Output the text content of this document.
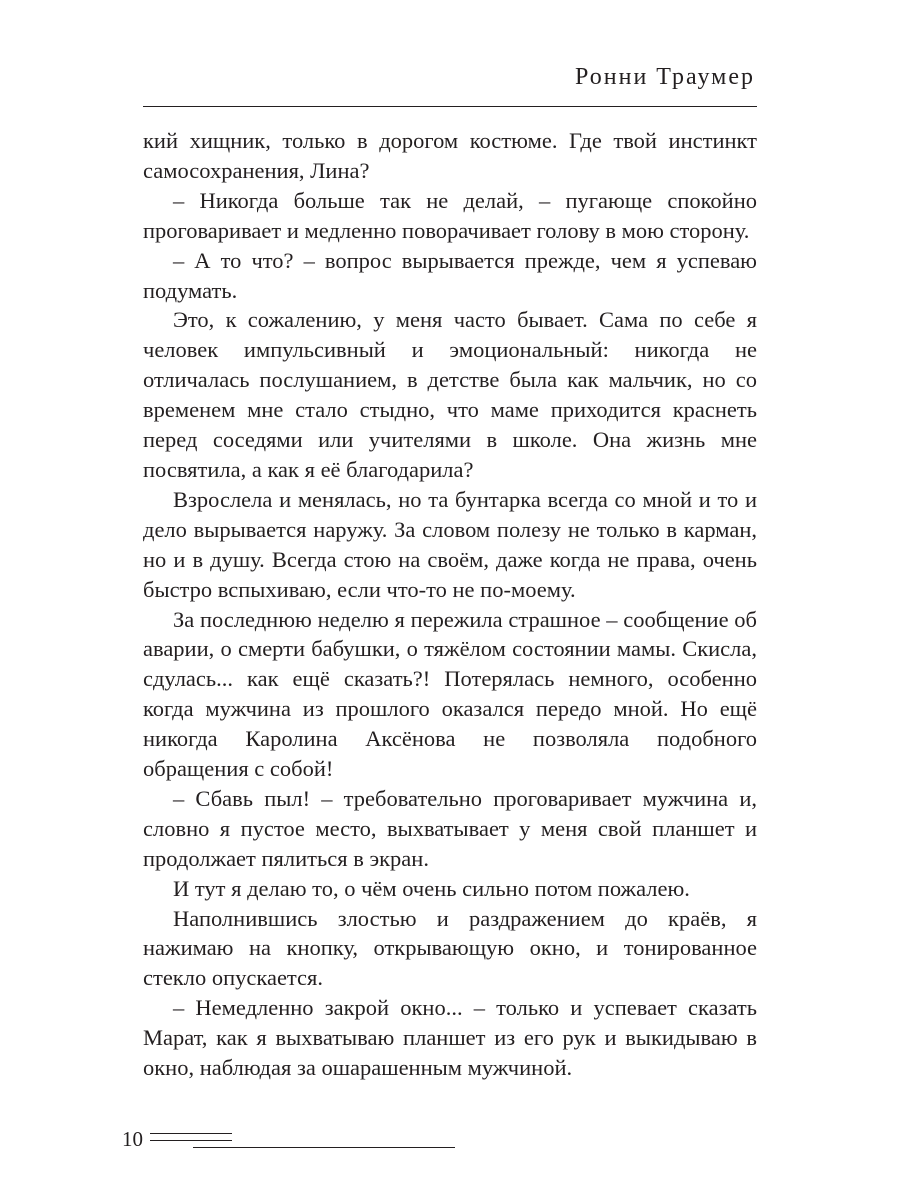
Ронни Траумер

кий хищник, только в дорогом костюме. Где твой инстинкт самосохранения, Лина?

– Никогда больше так не делай, – пугающе спокойно проговаривает и медленно поворачивает голову в мою сторону.

– А то что? – вопрос вырывается прежде, чем я успеваю подумать.

Это, к сожалению, у меня часто бывает. Сама по себе я человек импульсивный и эмоциональный: никогда не отличалась послушанием, в детстве была как мальчик, но со временем мне стало стыдно, что маме приходится краснеть перед соседями или учителями в школе. Она жизнь мне посвятила, а как я её благодарила?

Взрослела и менялась, но та бунтарка всегда со мной и то и дело вырывается наружу. За словом полезу не только в карман, но и в душу. Всегда стою на своём, даже когда не права, очень быстро вспыхиваю, если что-то не по-моему.

За последнюю неделю я пережила страшное – сообщение об аварии, о смерти бабушки, о тяжёлом состоянии мамы. Скисла, сдулась... как ещё сказать?! Потерялась немного, особенно когда мужчина из прошлого оказался передо мной. Но ещё никогда Каролина Аксёнова не позволяла подобного обращения с собой!

– Сбавь пыл! – требовательно проговаривает мужчина и, словно я пустое место, выхватывает у меня свой планшет и продолжает пялиться в экран.

И тут я делаю то, о чём очень сильно потом пожалею.

Наполнившись злостью и раздражением до краёв, я нажимаю на кнопку, открывающую окно, и тонированное стекло опускается.

– Немедленно закрой окно... – только и успевает сказать Марат, как я выхватываю планшет из его рук и выкидываю в окно, наблюдая за ошарашенным мужчиной.

10
